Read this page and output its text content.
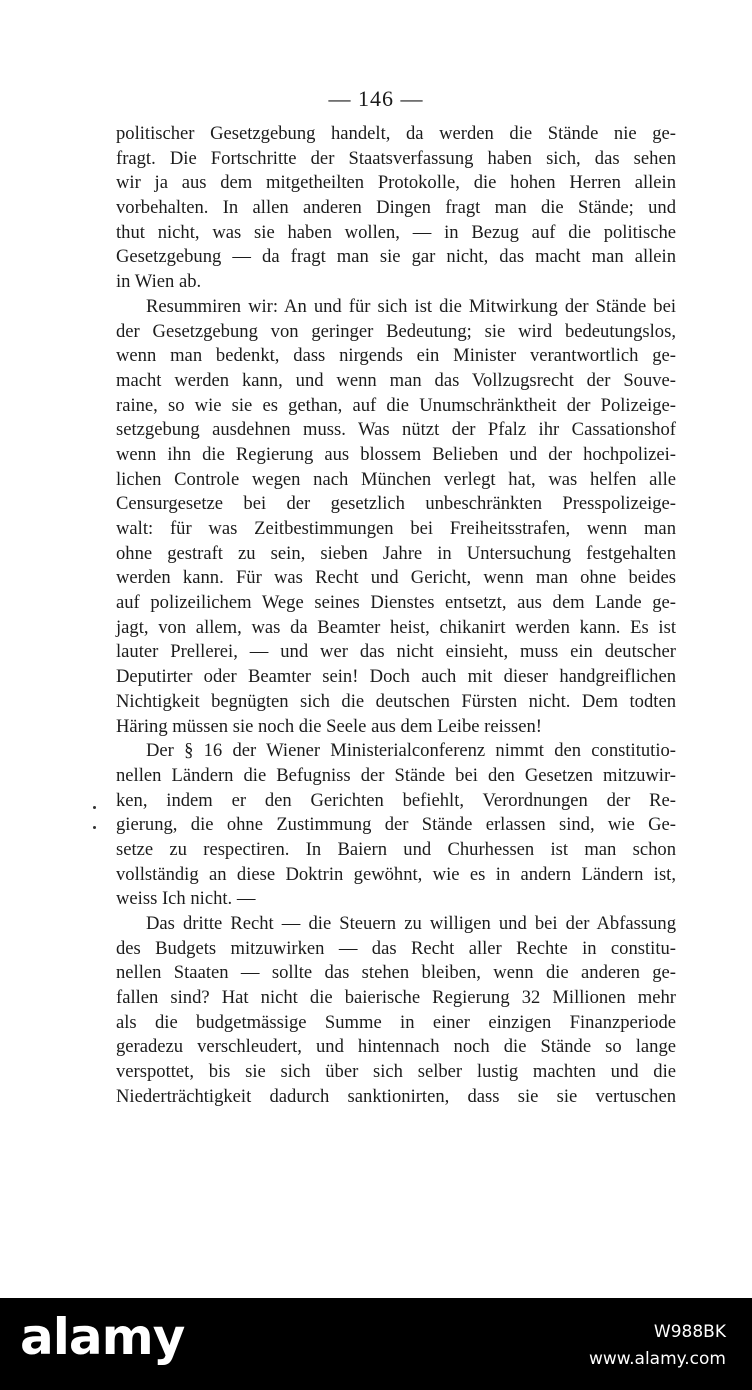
— 146 —
politischer Gesetzgebung handelt, da werden die Stände nie ge-
fragt. Die Fortschritte der Staatsverfassung haben sich, das sehen
wir ja aus dem mitgetheilten Protokolle, die hohen Herren allein
vorbehalten. In allen anderen Dingen fragt man die Stände; und
thut nicht, was sie haben wollen, — in Bezug auf die politische
Gesetzgebung — da fragt man sie gar nicht, das macht man allein
in Wien ab.
Resummiren wir: An und für sich ist die Mitwirkung der Stände bei
der Gesetzgebung von geringer Bedeutung; sie wird bedeutungslos,
wenn man bedenkt, dass nirgends ein Minister verantwortlich ge-
macht werden kann, und wenn man das Vollzugsrecht der Souve-
raine, so wie sie es gethan, auf die Unumschränktheit der Polizeige-
setzgebung ausdehnen muss. Was nützt der Pfalz ihr Cassationshof
wenn ihn die Regierung aus blossem Belieben und der hochpolizei-
lichen Controle wegen nach München verlegt hat, was helfen alle
Censurgesetze bei der gesetzlich unbeschränkten Presspolizeige-
walt: für was Zeitbestimmungen bei Freiheitsstrafen, wenn man
ohne gestraft zu sein, sieben Jahre in Untersuchung festgehalten
werden kann. Für was Recht und Gericht, wenn man ohne beides
auf polizeilichem Wege seines Dienstes entsetzt, aus dem Lande ge-
jagt, von allem, was da Beamter heist, chikanirt werden kann. Es ist
lauter Prellerei, — und wer das nicht einsieht, muss ein deutscher
Deputirter oder Beamter sein! Doch auch mit dieser handgreiflichen
Nichtigkeit begnügten sich die deutschen Fürsten nicht. Dem todten
Häring müssen sie noch die Seele aus dem Leibe reissen!
Der § 16 der Wiener Ministerialconferenz nimmt den constitutio-
nellen Ländern die Befugniss der Stände bei den Gesetzen mitzuwir-
ken, indem er den Gerichten befiehlt, Verordnungen der Re-
gierung, die ohne Zustimmung der Stände erlassen sind, wie Ge-
setze zu respectiren. In Baiern und Churhessen ist man schon
vollständig an diese Doktrin gewöhnt, wie es in andern Ländern ist,
weiss Ich nicht. —
Das dritte Recht — die Steuern zu willigen und bei der Abfassung
des Budgets mitzuwirken — das Recht aller Rechte in constitu-
nellen Staaten — sollte das stehen bleiben, wenn die anderen ge-
fallen sind? Hat nicht die baierische Regierung 32 Millionen mehr
als die budgetmässige Summe in einer einzigen Finanzperiode
geradezu verschleudert, und hintennach noch die Stände so lange
verspottet, bis sie sich über sich selber lustig machten und die
Niederträchtigkeit dadurch sanktionirten, dass sie sie vertuschen
alamy	W988BK
www.alamy.com
